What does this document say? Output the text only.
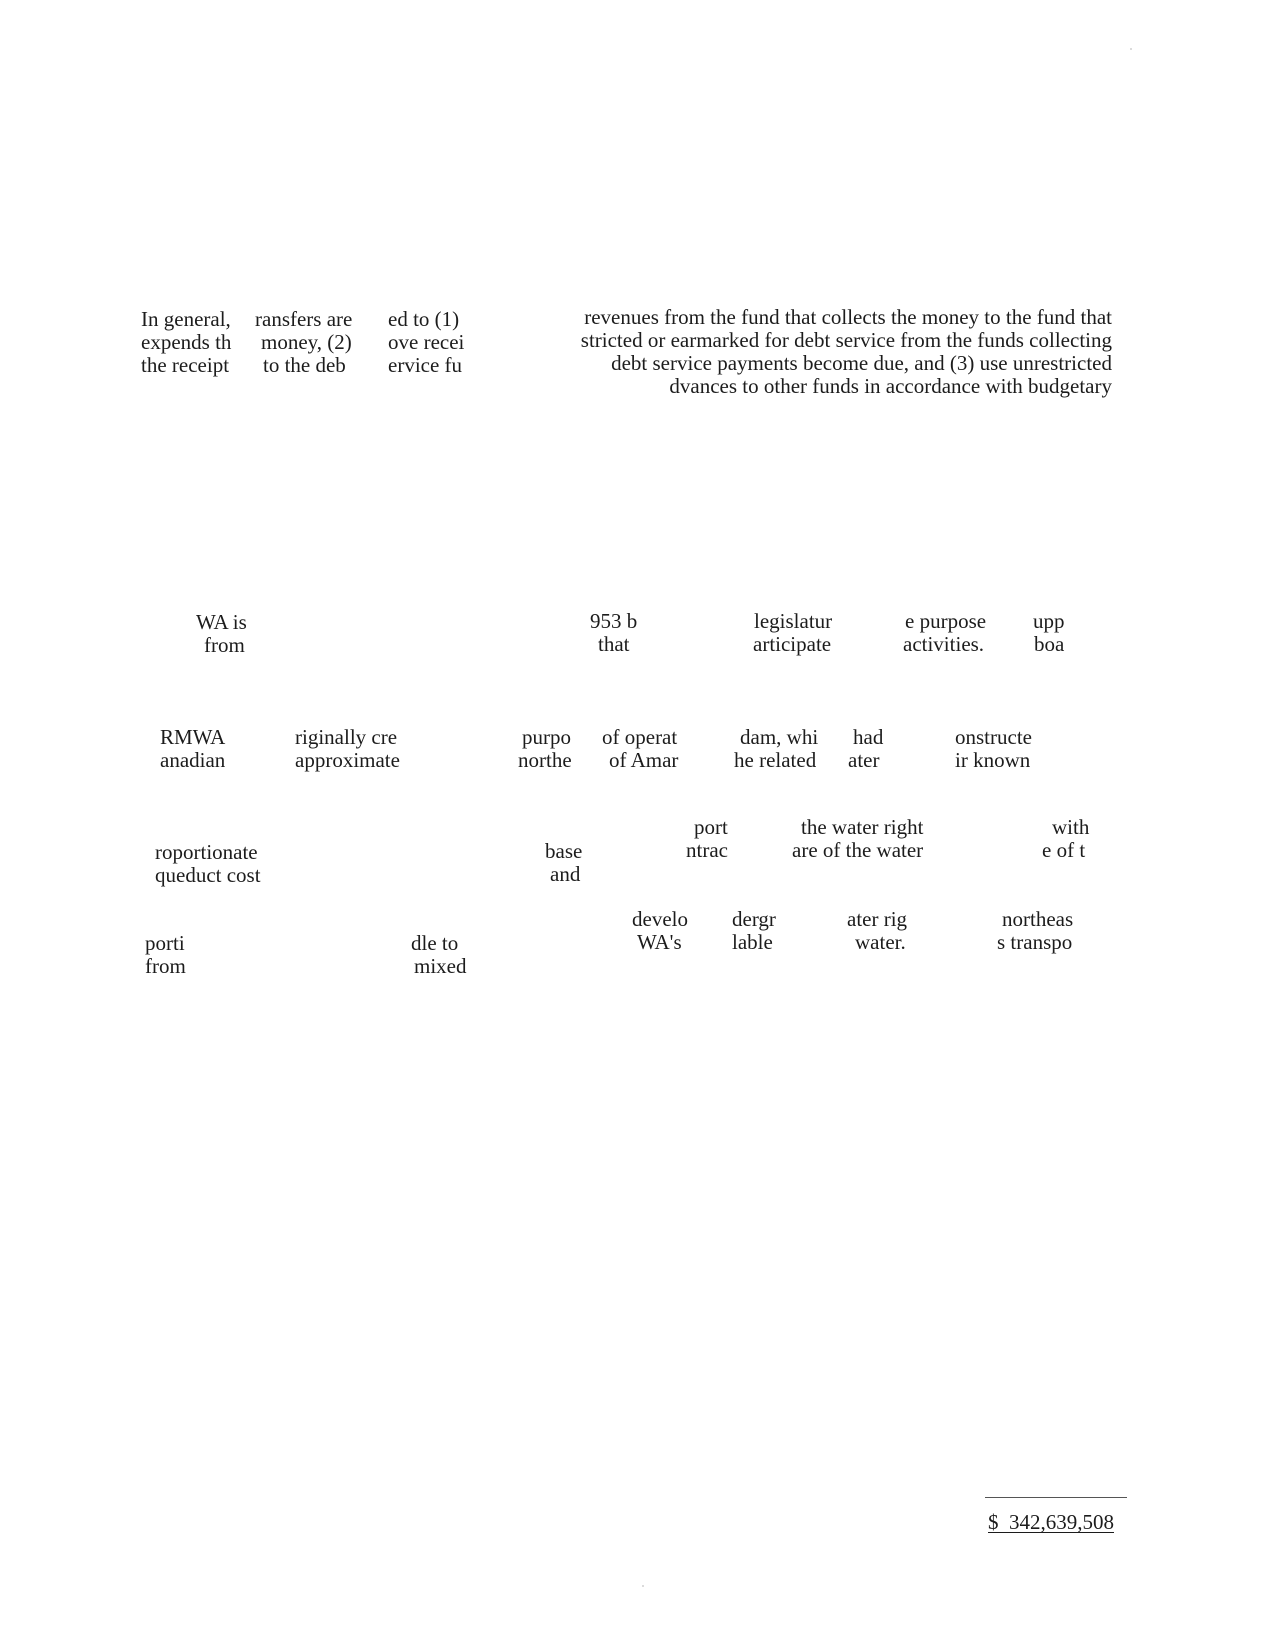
In general,
expends th
the receipt
ransfers are
money, (2)
to the deb
ed to (1)
ove recei
ervice fu
revenues from the fund that collects the money to the fund that
stricted or earmarked for debt service from the funds collecting
debt service payments become due, and (3) use unrestricted
dvances to other funds in accordance with budgetary
WA is
from
953 b
that
legislatur
articipate
e purpose
activities.
upp
boa
RMWA
anadian
riginally cre
approximate
purpo
northe
of operat
of Amar
dam, whi
he related
had
ater
onstructe
ir known
roportionate
queduct cost
base
and
port
ntrac
the water right
are of the water
with
e of t
porti
from
dle to
mixed
develo
WA's
dergr
lable
ater rig
water.
northeas
s transpo
$  342,639,508
